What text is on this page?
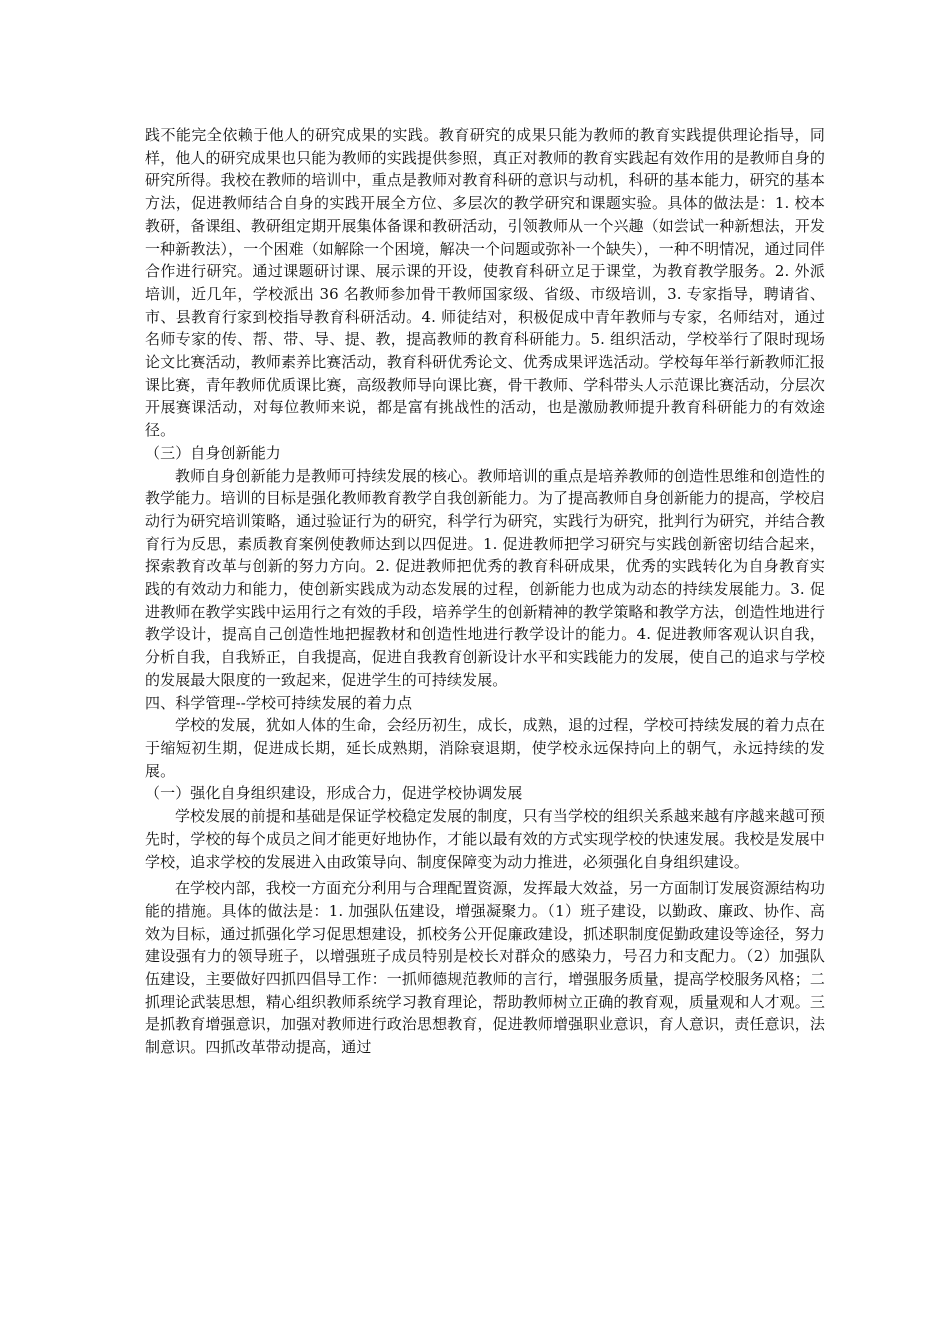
践不能完全依赖于他人的研究成果的实践。教育研究的成果只能为教师的教育实践提供理论指导，同样，他人的研究成果也只能为教师的实践提供参照，真正对教师的教育实践起有效作用的是教师自身的研究所得。我校在教师的培训中，重点是教师对教育科研的意识与动机，科研的基本能力，研究的基本方法，促进教师结合自身的实践开展全方位、多层次的教学研究和课题实验。具体的做法是：1. 校本教研，备课组、教研组定期开展集体备课和教研活动，引领教师从一个兴趣（如尝试一种新想法，开发一种新教法），一个困难（如解除一个困境，解决一个问题或弥补一个缺失），一种不明情况，通过同伴合作进行研究。通过课题研讨课、展示课的开设，使教育科研立足于课堂，为教育教学服务。2. 外派培训，近几年，学校派出 36 名教师参加骨干教师国家级、省级、市级培训，3. 专家指导，聘请省、市、县教育行家到校指导教育科研活动。4. 师徒结对，积极促成中青年教师与专家，名师结对，通过名师专家的传、帮、带、导、提、教，提高教师的教育科研能力。5. 组织活动，学校举行了限时现场论文比赛活动，教师素养比赛活动，教育科研优秀论文、优秀成果评选活动。学校每年举行新教师汇报课比赛，青年教师优质课比赛，高级教师导向课比赛，骨干教师、学科带头人示范课比赛活动，分层次开展赛课活动，对每位教师来说，都是富有挑战性的活动，也是激励教师提升教育科研能力的有效途径。

（三）自身创新能力

教师自身创新能力是教师可持续发展的核心。教师培训的重点是培养教师的创造性思维和创造性的教学能力。培训的目标是强化教师教育教学自我创新能力。为了提高教师自身创新能力的提高，学校启动行为研究培训策略，通过验证行为的研究，科学行为研究，实践行为研究，批判行为研究，并结合教育行为反思，素质教育案例使教师达到以四促进。1. 促进教师把学习研究与实践创新密切结合起来，探索教育改革与创新的努力方向。2. 促进教师把优秀的教育科研成果，优秀的实践转化为自身教育实践的有效动力和能力，使创新实践成为动态发展的过程，创新能力也成为动态的持续发展能力。3. 促进教师在教学实践中运用行之有效的手段，培养学生的创新精神的教学策略和教学方法，创造性地进行教学设计，提高自己创造性地把握教材和创造性地进行教学设计的能力。4. 促进教师客观认识自我，分析自我，自我矫正，自我提高，促进自我教育创新设计水平和实践能力的发展，使自己的追求与学校的发展最大限度的一致起来，促进学生的可持续发展。

四、科学管理--学校可持续发展的着力点

学校的发展，犹如人体的生命，会经历初生，成长，成熟，退的过程，学校可持续发展的着力点在于缩短初生期，促进成长期，延长成熟期，消除衰退期，使学校永远保持向上的朝气，永远持续的发展。

（一）强化自身组织建设，形成合力，促进学校协调发展

学校发展的前提和基础是保证学校稳定发展的制度，只有当学校的组织关系越来越有序越来越可预先时，学校的每个成员之间才能更好地协作，才能以最有效的方式实现学校的快速发展。我校是发展中学校，追求学校的发展进入由政策导向、制度保障变为动力推进，必须强化自身组织建设。

在学校内部，我校一方面充分利用与合理配置资源，发挥最大效益，另一方面制订发展资源结构功能的措施。具体的做法是：1. 加强队伍建设，增强凝聚力。（1）班子建设，以勤政、廉政、协作、高效为目标，通过抓强化学习促思想建设，抓校务公开促廉政建设，抓述职制度促勤政建设等途径，努力建设强有力的领导班子，以增强班子成员特别是校长对群众的感染力，号召力和支配力。（2）加强队伍建设，主要做好四抓四倡导工作：一抓师德规范教师的言行，增强服务质量，提高学校服务风格；二抓理论武装思想，精心组织教师系统学习教育理论，帮助教师树立正确的教育观，质量观和人才观。三是抓教育增强意识，加强对教师进行政治思想教育，促进教师增强职业意识，育人意识，责任意识，法制意识。四抓改革带动提高，通过
